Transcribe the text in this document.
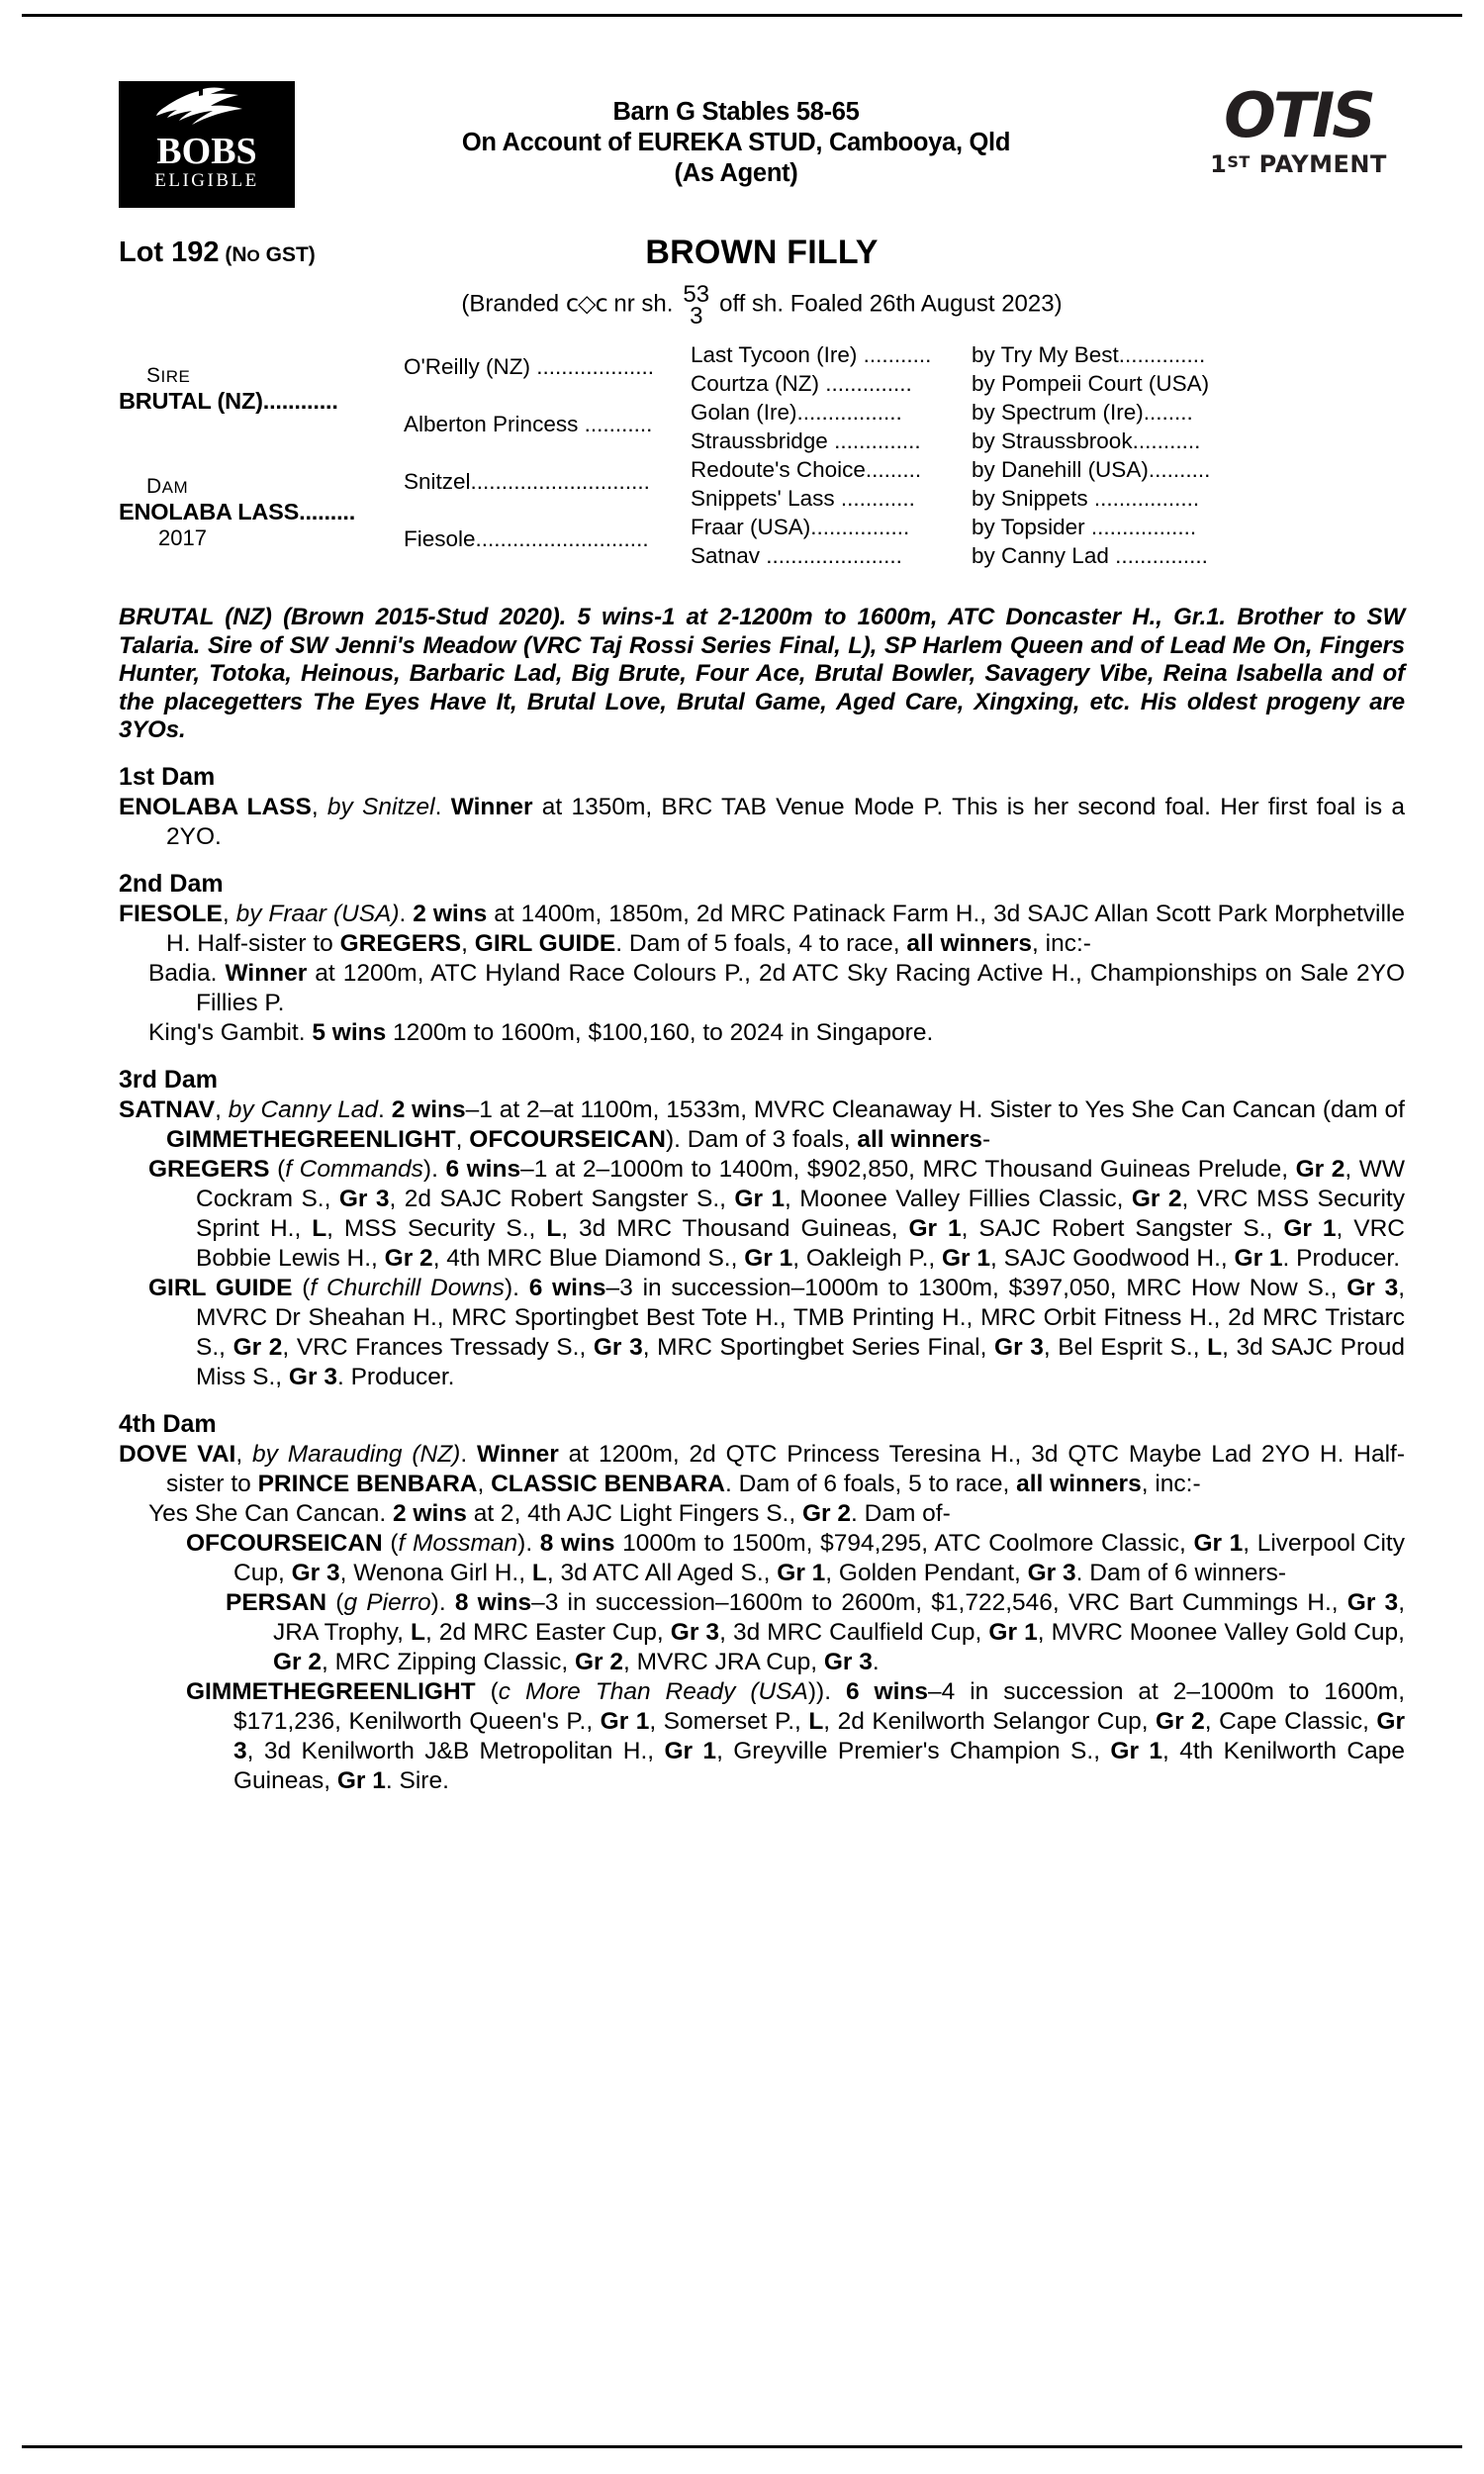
BOBS
ELIGIBLE
Barn G Stables 58-65
On Account of EUREKA STUD, Cambooya, Qld
(As Agent)
OTIS
1ST PAYMENT
Lot 192 (NO GST)	BROWN FILLY
(Branded c◇c nr sh. 53
3 off sh. Foaled 26th August 2023)
SIRE
BRUTAL (NZ)............
DAM
ENOLABA LASS.........
2017
O'Reilly (NZ) ...................
Alberton Princess ...........
Snitzel.............................
Fiesole............................
Last Tycoon (Ire) ...........
Courtza (NZ) ..............
Golan (Ire).................
Straussbridge ..............
Redoute's Choice.........
Snippets' Lass ............
Fraar (USA)................
Satnav ......................
by Try My Best..............
by Pompeii Court (USA)
by Spectrum (Ire)........
by Straussbrook...........
by Danehill (USA)..........
by Snippets .................
by Topsider .................
by Canny Lad ...............
BRUTAL (NZ) (Brown 2015-Stud 2020). 5 wins-1 at 2-1200m to 1600m, ATC Doncaster H., Gr.1. Brother to SW Talaria. Sire of SW Jenni's Meadow (VRC Taj Rossi Series Final, L), SP Harlem Queen and of Lead Me On, Fingers Hunter, Totoka, Heinous, Barbaric Lad, Big Brute, Four Ace, Brutal Bowler, Savagery Vibe, Reina Isabella and of the placegetters The Eyes Have It, Brutal Love, Brutal Game, Aged Care, Xingxing, etc. His oldest progeny are 3YOs.
1st Dam
ENOLABA LASS, by Snitzel. Winner at 1350m, BRC TAB Venue Mode P. This is her second foal. Her first foal is a 2YO.
2nd Dam
FIESOLE, by Fraar (USA). 2 wins at 1400m, 1850m, 2d MRC Patinack Farm H., 3d SAJC Allan Scott Park Morphetville H. Half-sister to GREGERS, GIRL GUIDE. Dam of 5 foals, 4 to race, all winners, inc:-
Badia. Winner at 1200m, ATC Hyland Race Colours P., 2d ATC Sky Racing Active H., Championships on Sale 2YO Fillies P.
King's Gambit. 5 wins 1200m to 1600m, $100,160, to 2024 in Singapore.
3rd Dam
SATNAV, by Canny Lad. 2 wins–1 at 2–at 1100m, 1533m, MVRC Cleanaway H. Sister to Yes She Can Cancan (dam of GIMMETHEGREENLIGHT, OFCOURSEICAN). Dam of 3 foals, all winners-
GREGERS (f Commands). 6 wins–1 at 2–1000m to 1400m, $902,850, MRC Thousand Guineas Prelude, Gr 2, WW Cockram S., Gr 3, 2d SAJC Robert Sangster S., Gr 1, Moonee Valley Fillies Classic, Gr 2, VRC MSS Security Sprint H., L, MSS Security S., L, 3d MRC Thousand Guineas, Gr 1, SAJC Robert Sangster S., Gr 1, VRC Bobbie Lewis H., Gr 2, 4th MRC Blue Diamond S., Gr 1, Oakleigh P., Gr 1, SAJC Goodwood H., Gr 1. Producer.
GIRL GUIDE (f Churchill Downs). 6 wins–3 in succession–1000m to 1300m, $397,050, MRC How Now S., Gr 3, MVRC Dr Sheahan H., MRC Sportingbet Best Tote H., TMB Printing H., MRC Orbit Fitness H., 2d MRC Tristarc S., Gr 2, VRC Frances Tressady S., Gr 3, MRC Sportingbet Series Final, Gr 3, Bel Esprit S., L, 3d SAJC Proud Miss S., Gr 3. Producer.
4th Dam
DOVE VAI, by Marauding (NZ). Winner at 1200m, 2d QTC Princess Teresina H., 3d QTC Maybe Lad 2YO H. Half-sister to PRINCE BENBARA, CLASSIC BENBARA. Dam of 6 foals, 5 to race, all winners, inc:-
Yes She Can Cancan. 2 wins at 2, 4th AJC Light Fingers S., Gr 2. Dam of-
OFCOURSEICAN (f Mossman). 8 wins 1000m to 1500m, $794,295, ATC Coolmore Classic, Gr 1, Liverpool City Cup, Gr 3, Wenona Girl H., L, 3d ATC All Aged S., Gr 1, Golden Pendant, Gr 3. Dam of 6 winners-
PERSAN (g Pierro). 8 wins–3 in succession–1600m to 2600m, $1,722,546, VRC Bart Cummings H., Gr 3, JRA Trophy, L, 2d MRC Easter Cup, Gr 3, 3d MRC Caulfield Cup, Gr 1, MVRC Moonee Valley Gold Cup, Gr 2, MRC Zipping Classic, Gr 2, MVRC JRA Cup, Gr 3.
GIMMETHEGREENLIGHT (c More Than Ready (USA)). 6 wins–4 in succession at 2–1000m to 1600m, $171,236, Kenilworth Queen's P., Gr 1, Somerset P., L, 2d Kenilworth Selangor Cup, Gr 2, Cape Classic, Gr 3, 3d Kenilworth J&B Metropolitan H., Gr 1, Greyville Premier's Champion S., Gr 1, 4th Kenilworth Cape Guineas, Gr 1. Sire.
